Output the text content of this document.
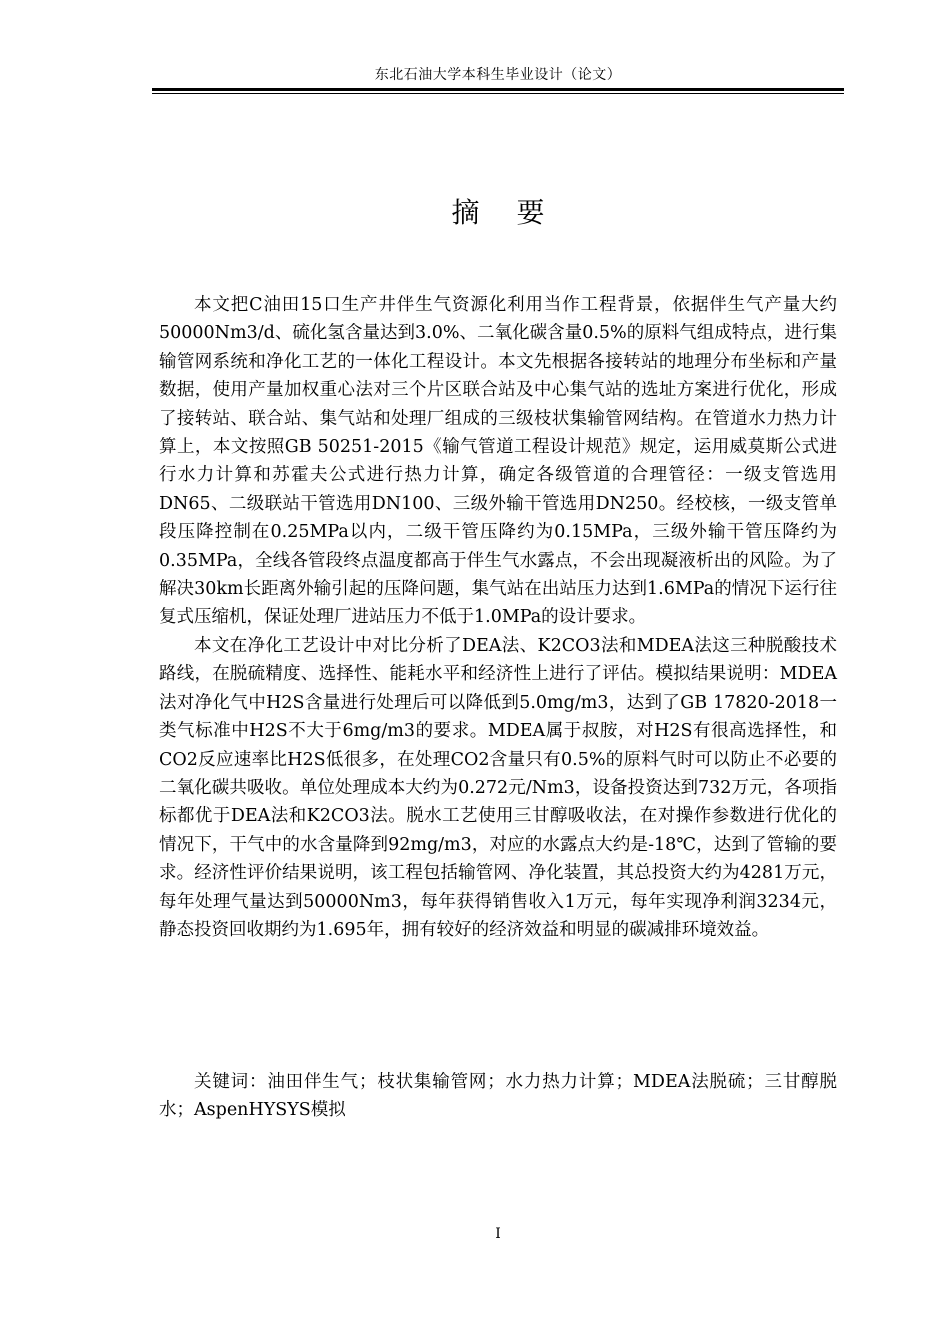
东北石油大学本科生毕业设计（论文）
摘 要

本文把C油田15口生产井伴生气资源化利用当作工程背景，依据伴生气产量大约50000Nm3/d、硫化氢含量达到3.0%、二氧化碳含量0.5%的原料气组成特点，进行集输管网系统和净化工艺的一体化工程设计。本文先根据各接转站的地理分布坐标和产量数据，使用产量加权重心法对三个片区联合站及中心集气站的选址方案进行优化，形成了接转站、联合站、集气站和处理厂组成的三级枝状集输管网结构。在管道水力热力计算上，本文按照GB 50251-2015《输气管道工程设计规范》规定，运用威莫斯公式进行水力计算和苏霍夫公式进行热力计算，确定各级管道的合理管径：一级支管选用DN65、二级联站干管选用DN100、三级外输干管选用DN250。经校核，一级支管单段压降控制在0.25MPa以内，二级干管压降约为0.15MPa，三级外输干管压降约为0.35MPa，全线各管段终点温度都高于伴生气水露点，不会出现凝液析出的风险。为了解决30km长距离外输引起的压降问题，集气站在出站压力达到1.6MPa的情况下运行往复式压缩机，保证处理厂进站压力不低于1.0MPa的设计要求。

本文在净化工艺设计中对比分析了DEA法、K2CO3法和MDEA法这三种脱酸技术路线，在脱硫精度、选择性、能耗水平和经济性上进行了评估。模拟结果说明：MDEA法对净化气中H2S含量进行处理后可以降低到5.0mg/m3，达到了GB 17820-2018一类气标准中H2S不大于6mg/m3的要求。MDEA属于叔胺，对H2S有很高选择性，和CO2反应速率比H2S低很多，在处理CO2含量只有0.5%的原料气时可以防止不必要的二氧化碳共吸收。单位处理成本大约为0.272元/Nm3，设备投资达到732万元，各项指标都优于DEA法和K2CO3法。脱水工艺使用三甘醇吸收法，在对操作参数进行优化的情况下，干气中的水含量降到92mg/m3，对应的水露点大约是-18℃，达到了管输的要求。经济性评价结果说明，该工程包括输管网、净化装置，其总投资大约为4281万元，每年处理气量达到50000Nm3，每年获得销售收入1万元，每年实现净利润3234元，静态投资回收期约为1.695年，拥有较好的经济效益和明显的碳减排环境效益。

关键词：油田伴生气；枝状集输管网；水力热力计算；MDEA法脱硫；三甘醇脱水；AspenHYSYS模拟

I
